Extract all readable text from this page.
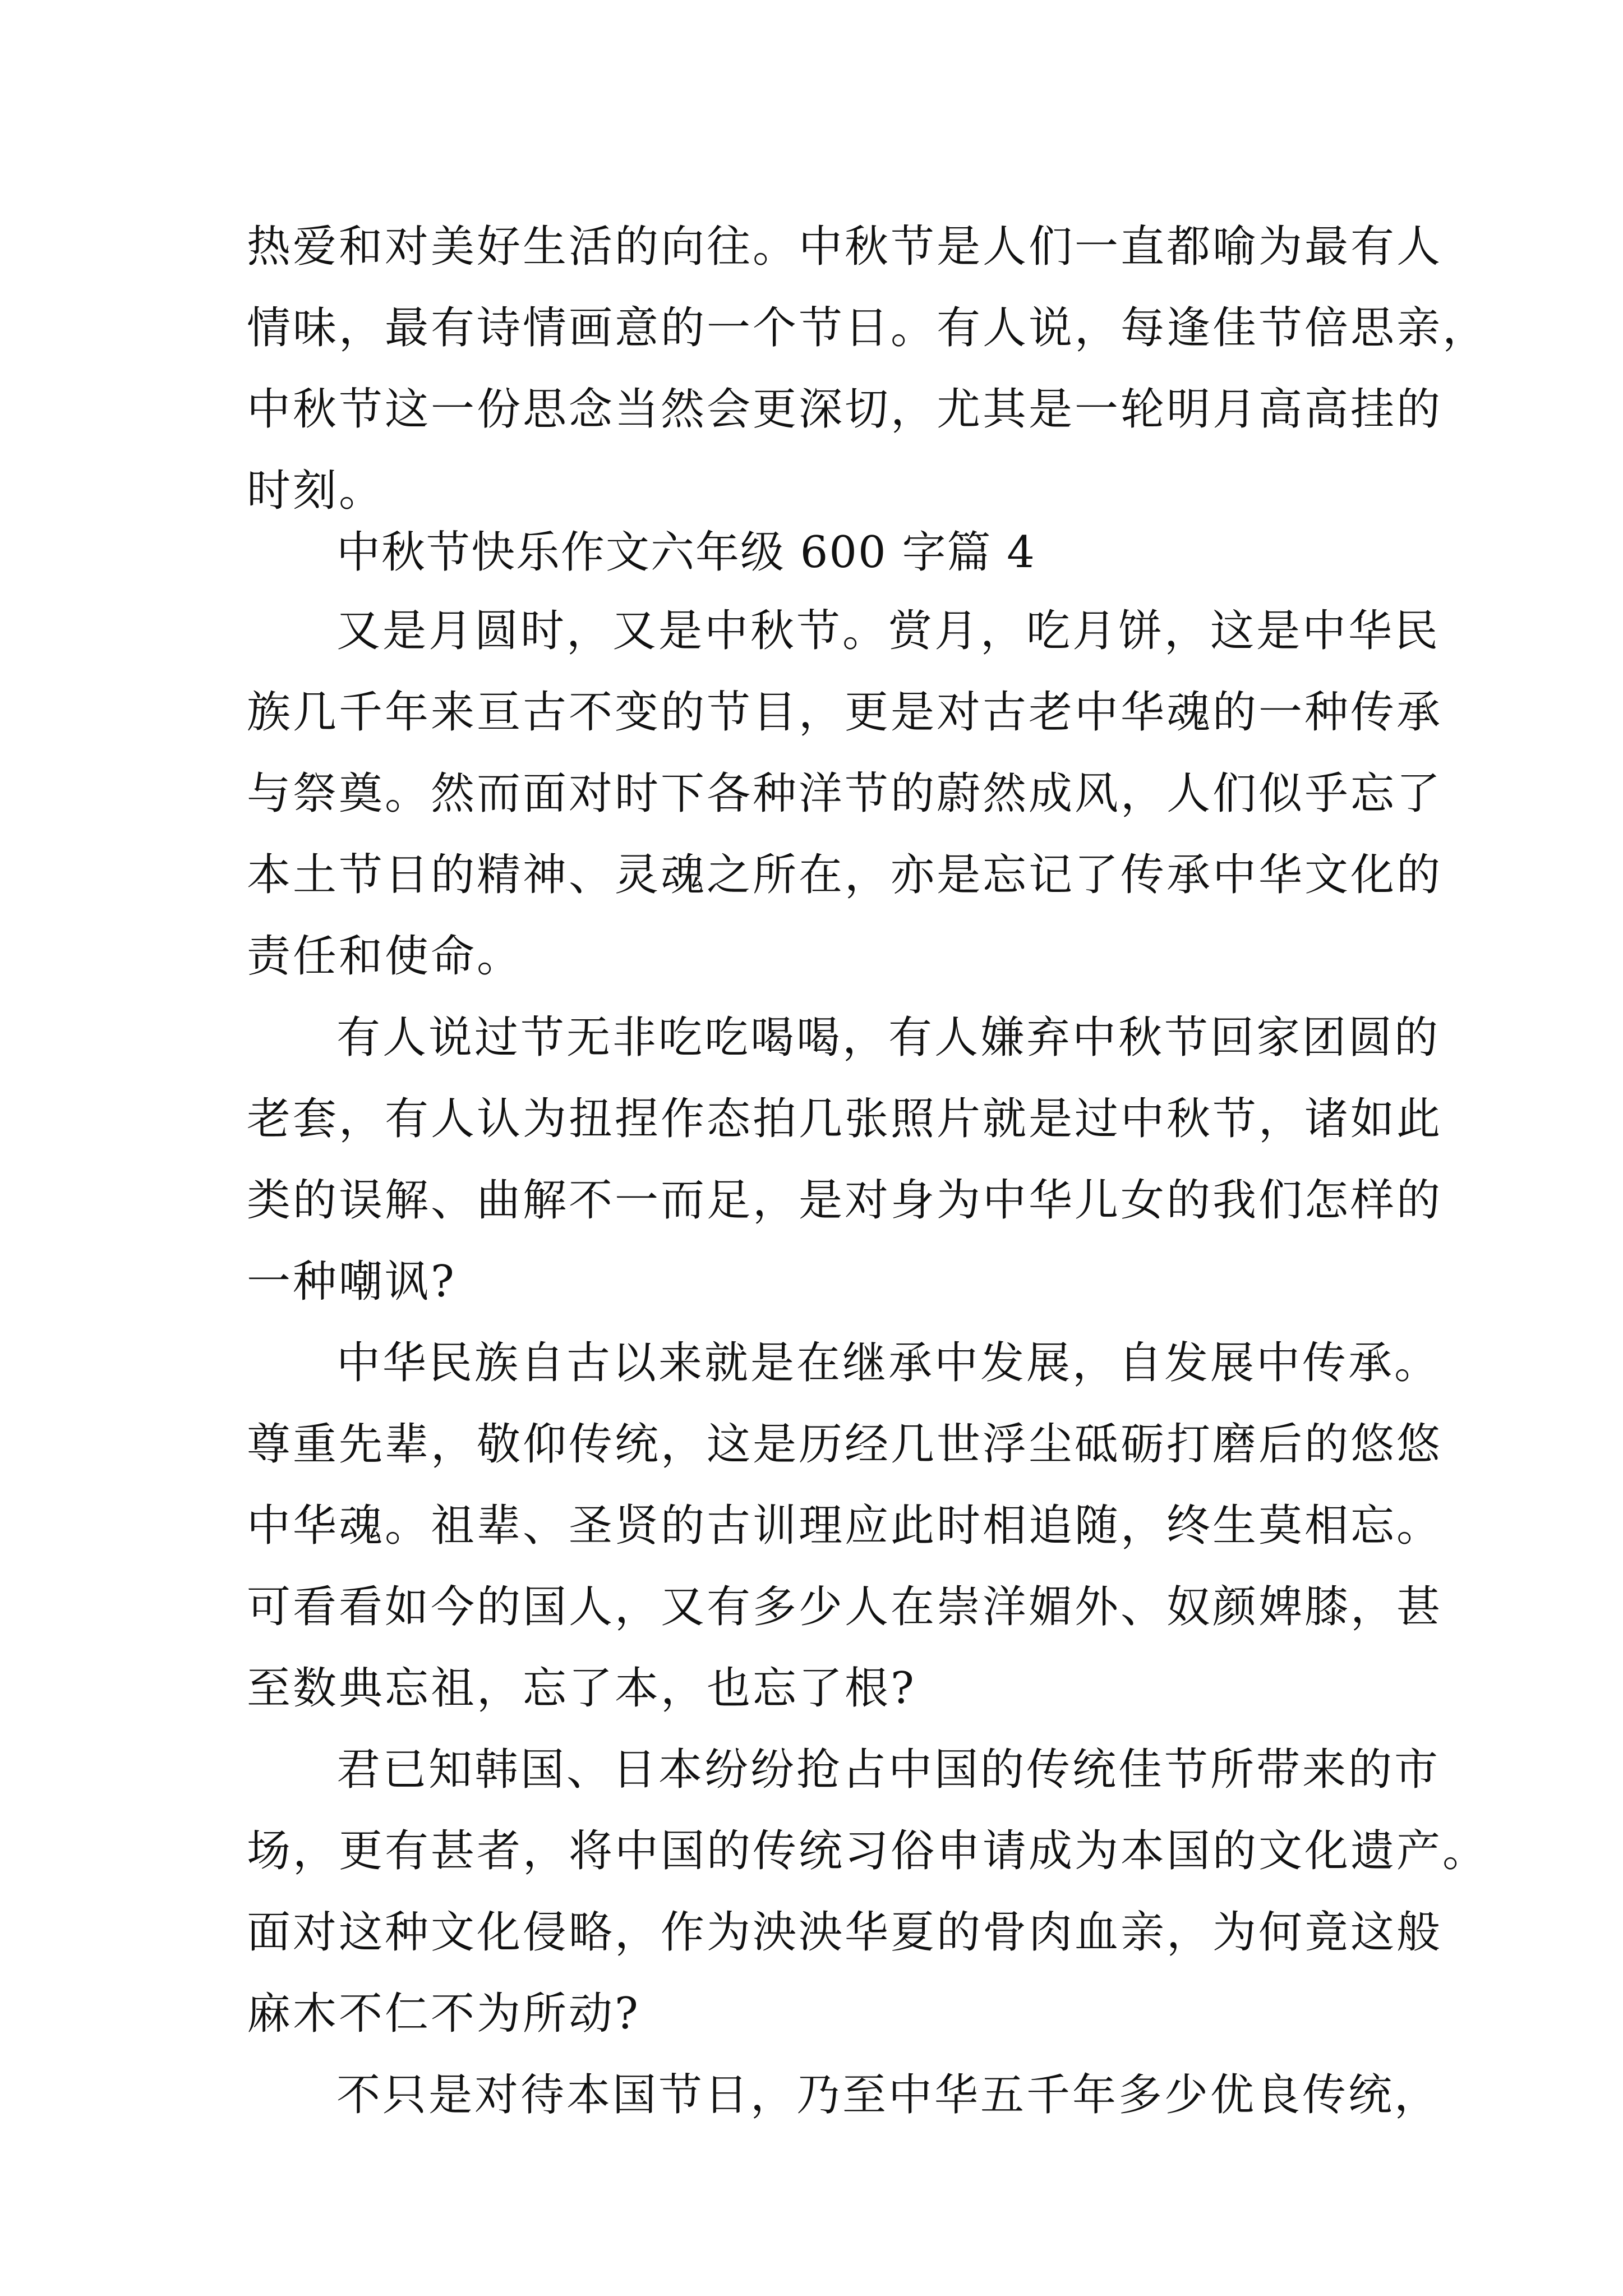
热爱和对美好生活的向往。中秋节是人们一直都喻为最有人
情味，最有诗情画意的一个节日。有人说，每逢佳节倍思亲，
中秋节这一份思念当然会更深切，尤其是一轮明月高高挂的
时刻。
中秋节快乐作文六年级 600 字篇 4
又是月圆时，又是中秋节。赏月，吃月饼，这是中华民
族几千年来亘古不变的节目，更是对古老中华魂的一种传承
与祭奠。然而面对时下各种洋节的蔚然成风，人们似乎忘了
本土节日的精神、灵魂之所在，亦是忘记了传承中华文化的
责任和使命。
有人说过节无非吃吃喝喝，有人嫌弃中秋节回家团圆的
老套，有人认为扭捏作态拍几张照片就是过中秋节，诸如此
类的误解、曲解不一而足，是对身为中华儿女的我们怎样的
一种嘲讽?
中华民族自古以来就是在继承中发展，自发展中传承。
尊重先辈，敬仰传统，这是历经几世浮尘砥砺打磨后的悠悠
中华魂。祖辈、圣贤的古训理应此时相追随，终生莫相忘。
可看看如今的国人，又有多少人在崇洋媚外、奴颜婢膝，甚
至数典忘祖，忘了本，也忘了根?
君已知韩国、日本纷纷抢占中国的传统佳节所带来的市
场，更有甚者，将中国的传统习俗申请成为本国的文化遗产。
面对这种文化侵略，作为泱泱华夏的骨肉血亲，为何竟这般
麻木不仁不为所动?
不只是对待本国节日，乃至中华五千年多少优良传统，
